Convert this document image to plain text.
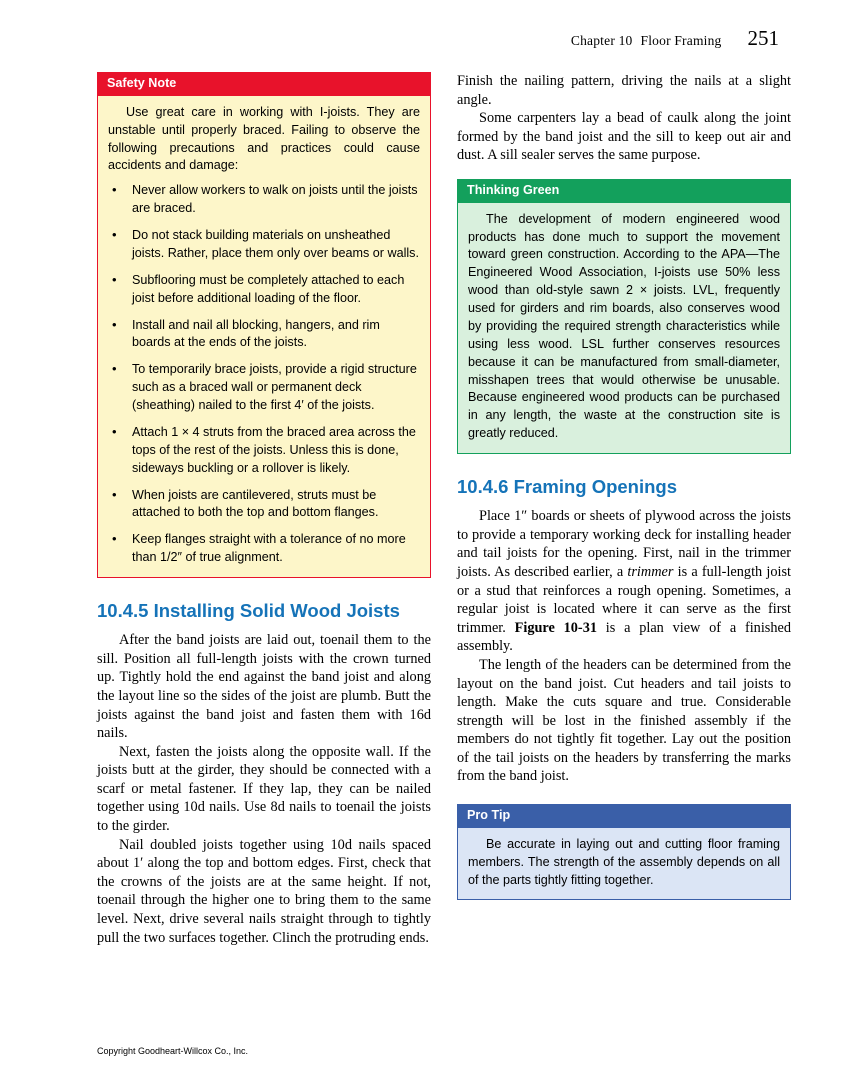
Chapter 10 Floor Framing 251
Safety Note

Use great care in working with I-joists. They are unstable until properly braced. Failing to observe the following precautions and practices could cause accidents and damage:

• Never allow workers to walk on joists until the joists are braced.
• Do not stack building materials on unsheathed joists. Rather, place them only over beams or walls.
• Subflooring must be completely attached to each joist before additional loading of the floor.
• Install and nail all blocking, hangers, and rim boards at the ends of the joists.
• To temporarily brace joists, provide a rigid structure such as a braced wall or permanent deck (sheathing) nailed to the first 4′ of the joists.
• Attach 1 × 4 struts from the braced area across the tops of the rest of the joists. Unless this is done, sideways buckling or a rollover is likely.
• When joists are cantilevered, struts must be attached to both the top and bottom flanges.
• Keep flanges straight with a tolerance of no more than 1/2″ of true alignment.
10.4.5 Installing Solid Wood Joists

After the band joists are laid out, toenail them to the sill. Position all full-length joists with the crown turned up. Tightly hold the end against the band joist and along the layout line so the sides of the joist are plumb. Butt the joists against the band joist and fasten them with 16d nails.

Next, fasten the joists along the opposite wall. If the joists butt at the girder, they should be connected with a scarf or metal fastener. If they lap, they can be nailed together using 10d nails. Use 8d nails to toenail the joists to the girder.

Nail doubled joists together using 10d nails spaced about 1′ along the top and bottom edges. First, check that the crowns of the joists are at the same height. If not, toenail through the higher one to bring them to the same level. Next, drive several nails straight through to tightly pull the two surfaces together. Clinch the protruding ends.

Finish the nailing pattern, driving the nails at a slight angle.

Some carpenters lay a bead of caulk along the joint formed by the band joist and the sill to keep out air and dust. A sill sealer serves the same purpose.

Thinking Green
The development of modern engineered wood products has done much to support the movement toward green construction. According to the APA—The Engineered Wood Association, I-joists use 50% less wood than old-style sawn 2 × joists. LVL, frequently used for girders and rim boards, also conserves wood by providing the required strength characteristics while using less wood. LSL further conserves resources because it can be manufactured from small-diameter, misshapen trees that would otherwise be unusable. Because engineered wood products can be purchased in any length, the waste at the construction site is greatly reduced.
10.4.6 Framing Openings

Place 1″ boards or sheets of plywood across the joists to provide a temporary working deck for installing header and tail joists for the opening. First, nail in the trimmer joists. As described earlier, a trimmer is a full-length joist or a stud that reinforces a rough opening. Sometimes, a regular joist is located where it can serve as the first trimmer. Figure 10-31 is a plan view of a finished assembly.

The length of the headers can be determined from the layout on the band joist. Cut headers and tail joists to length. Make the cuts square and true. Considerable strength will be lost in the finished assembly if the members do not tightly fit together. Lay out the position of the tail joists on the headers by transferring the marks from the band joist.

Pro Tip
Be accurate in laying out and cutting floor framing members. The strength of the assembly depends on all of the parts tightly fitting together.
Copyright Goodheart-Willcox Co., Inc.
